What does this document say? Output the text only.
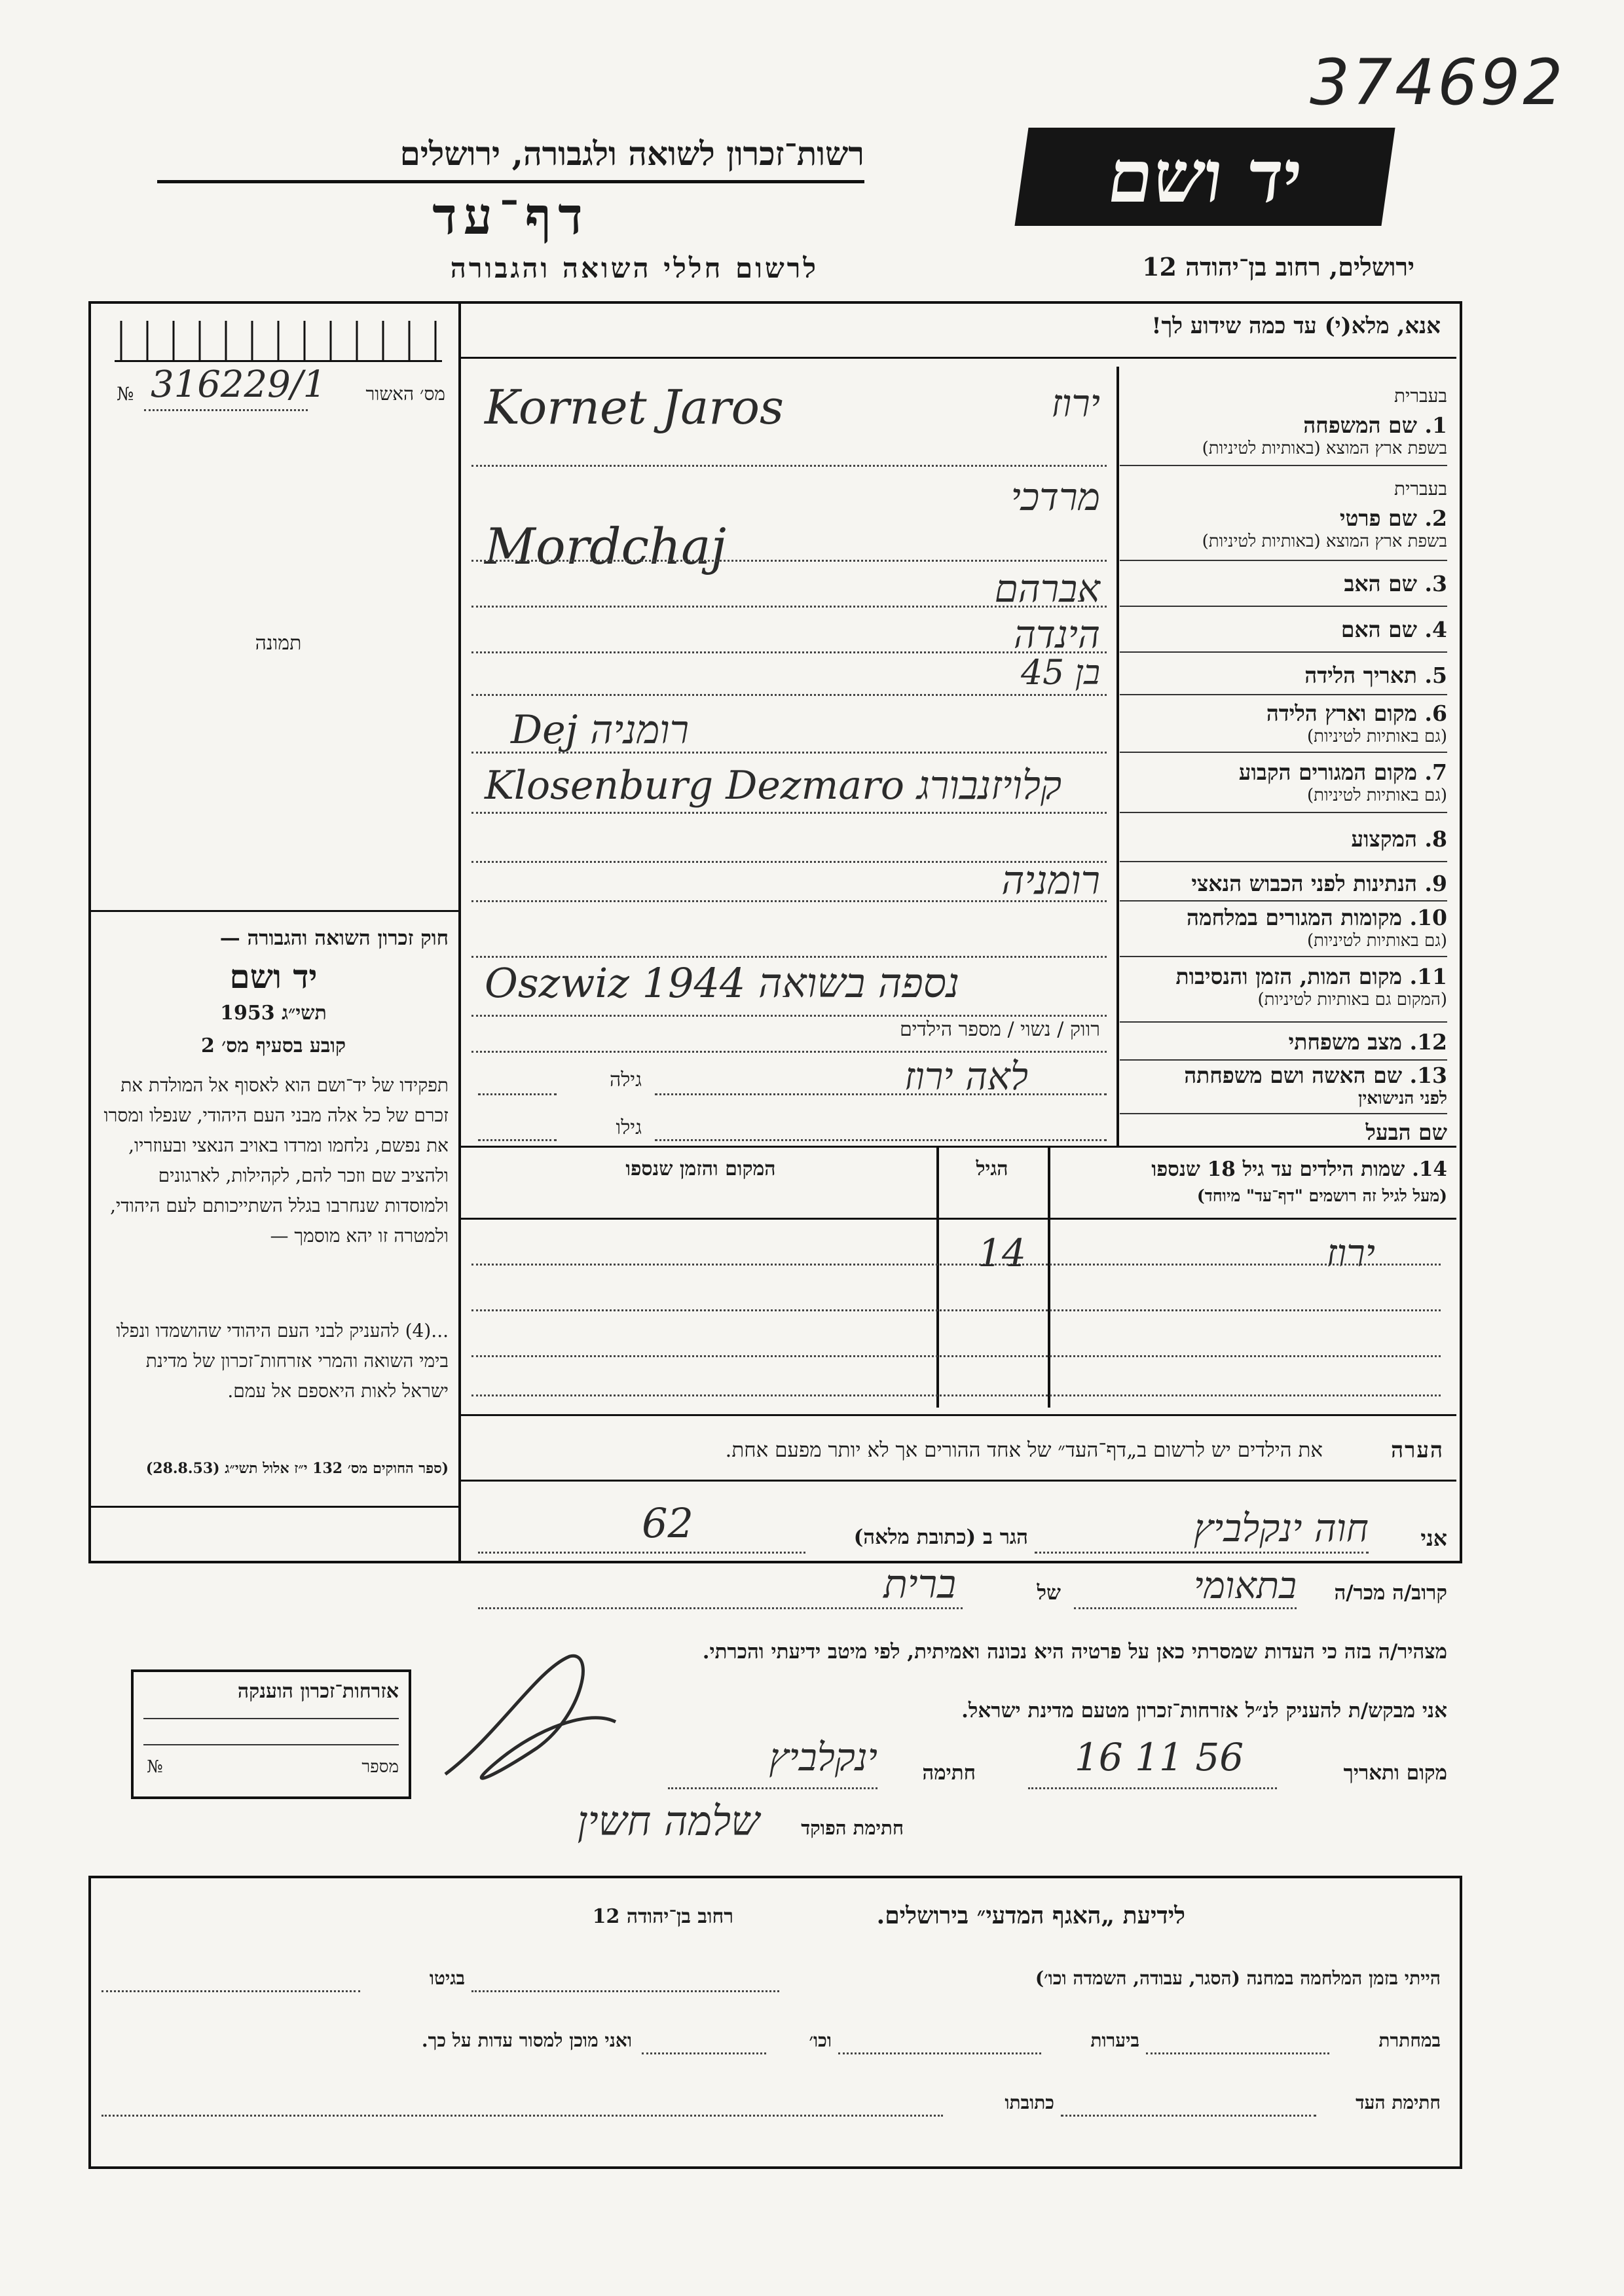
374692
רשות־זכרון לשואה ולגבורה, ירושלים
דף־עד
לרשום חללי השואה והגבורה
יד ושם
ירושלים, רחוב בן־יהודה 12
אנא, מלא(י) עד כמה שידוע לך!
מס׳ האשור
№ 316229/1
תמונה
חוק זכרון השואה והגבורה —
יד ושם
תשי״ג 1953
קובע בסעיף מס׳ 2
תפקידו של יד־ושם הוא לאסוף אל המולדת את זכרם של כל אלה מבני העם היהודי, שנפלו ומסרו את נפשם, נלחמו ומרדו באויב הנאצי ובעוזריו, ולהציב שם וזכר להם, לקהילות, לארגונים ולמוסדות שנחרבו בגלל השתייכותם לעם היהודי, ולמטרה זו יהא מוסמך —
...(4) להעניק לבני העם היהודי שהושמדו ונפלו בימי השואה והמרי אזרחות־זכרון של מדינת ישראל לאות היאספם אל עמם.
(ספר החוקים מס׳ 132 י״ז אלול תשי״ג (28.8.53)
בעברית
1. שם המשפחה
בשפת ארץ המוצא (באותיות לטיניות)
בעברית
2. שם פרטי
בשפת ארץ המוצא (באותיות לטיניות)
3. שם האב
4. שם האם
5. תאריך הלידה
6. מקום וארץ הלידה
(גם באותיות לטיניות)
7. מקום המגורים הקבוע
(גם באותיות לטיניות)
8. המקצוע
9. הנתינות לפני הכבוש הנאצי
10. מקומות המגורים במלחמה
(גם באותיות לטיניות)
11. מקום המות, הזמן והנסיבות
(המקום גם באותיות לטיניות)
12. מצב משפחתי
13. שם האשה ושם משפחתה
לפני הנישואין
שם הבעל
Kornet Jaros	ירוז
מרדכי
Mordchaj
אברהם
הינדה
בן 45
Dej רומניה
Klosenburg Dezmaro קלויזנבורג
רומניה
Oszwiz נספה בשואה 1944
רווק / נשוי / מספר הילדים
לאה ירוז
גילה
גילו
14. שמות הילדים עד גיל 18 שנספו
(מעל לגיל זה רושמים "דף־עד" מיוחד)
הגיל
המקום והזמן שנספו
ירוז
14
הערה
את הילדים יש לרשום ב„דף־העד״ של אחד ההורים אך לא יותר מפעם אחת.
אני
חוה ינקלביץ
הגר ב (כתובת מלאה)
62
קרוב/ה מכר/ה
בתאומי
של
ברית
מצהיר/ה בזה כי העדות שמסרתי כאן על פרטיה היא נכונה ואמיתית, לפי מיטב ידיעתי והכרתי.
אני מבקש/ת להעניק לנ״ל אזרחות־זכרון מטעם מדינת ישראל.
מקום ותאריך
16 11 56
חתימה
ינקלביץ
חתימת הפוקד
שלמה חשין
אזרחות־זכרון הוענקה
מספר
№
לידיעת „האגף המדעי״ בירושלים.
רחוב בן־יהודה 12
הייתי בזמן המלחמה במחנה (הסגר, עבודה, השמדה וכו׳)
בגיטו
במחתרת
ביערות
וכו׳
ואני מוכן למסור עדות על כך.
חתימת העד
כתובתו
